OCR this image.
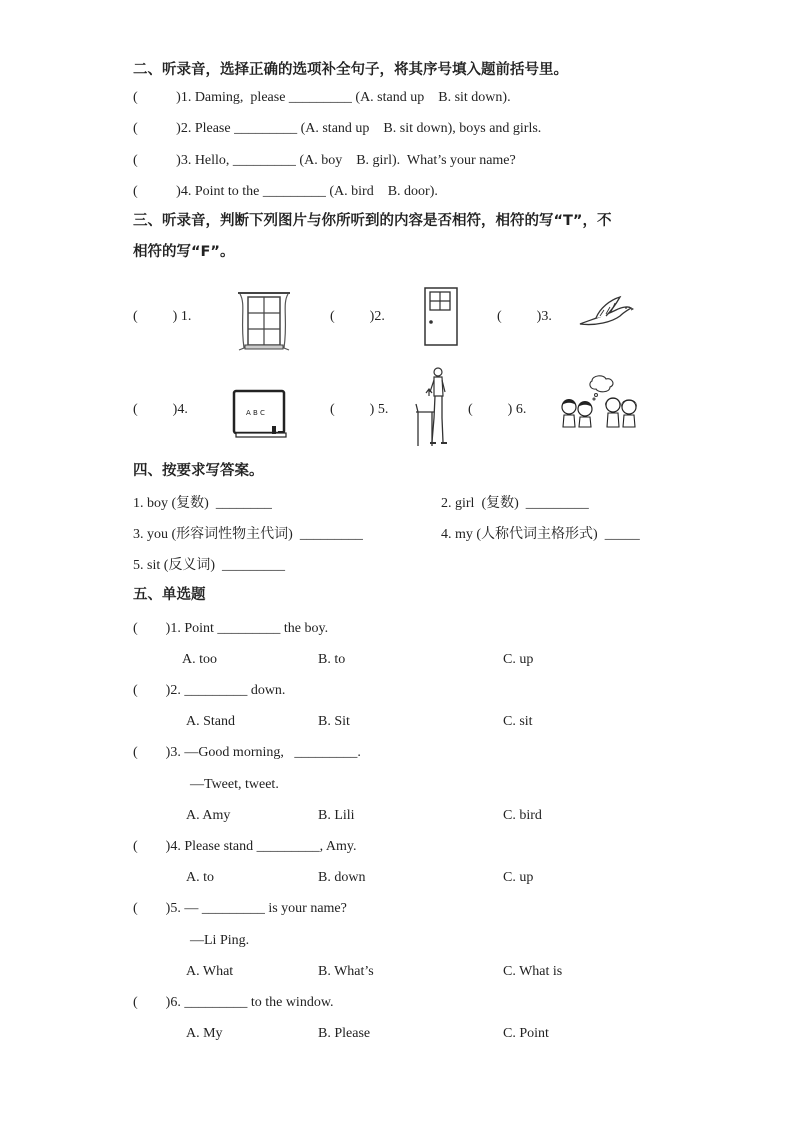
二、听录音，选择正确的选项补全句子，将其序号填入题前括号里。
(           )1. Daming,  please _________ (A. stand up    B. sit down).
(           )2. Please _________ (A. stand up    B. sit down), boys and girls.
(           )3. Hello, _________ (A. boy    B. girl).  What’s your name?
(           )4. Point to the _________ (A. bird    B. door).
三、听录音，判断下列图片与你所听到的内容是否相符，相符的写“T”，不
相符的写“F”。
(          ) 1.	(          )2.	(          )3.
(          )4.	A B C	(          ) 5.	(          ) 6.
四、按要求写答案。
1. boy (复数)  ________	2. girl  (复数)  _________
3. you (形容词性物主代词)  _________	4. my (人称代词主格形式)  _____
5. sit (反义词)  _________
五、单选题
(        )1. Point _________ the boy.
A. too	B. to	C. up
(        )2. _________ down.
A. Stand	B. Sit	C. sit
(        )3. —Good morning,   _________.
—Tweet, tweet.
A. Amy	B. Lili	C. bird
(        )4. Please stand _________, Amy.
A. to	B. down	C. up
(        )5. — _________ is your name?
—Li Ping.
A. What	B. What’s	C. What is
(        )6. _________ to the window.
A. My	B. Please	C. Point
